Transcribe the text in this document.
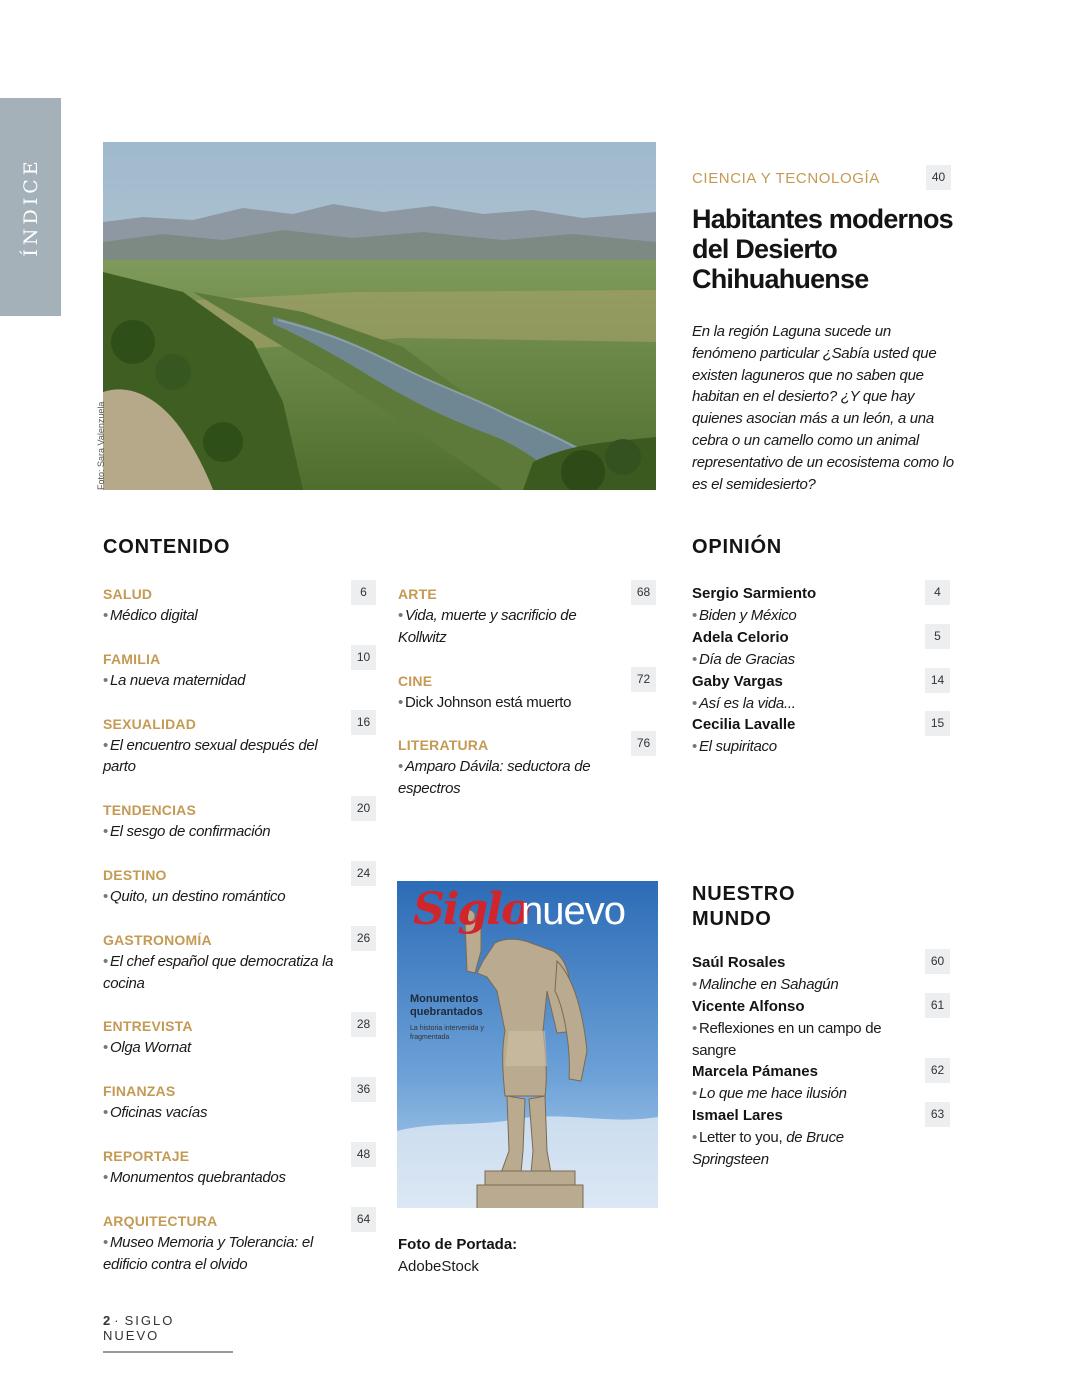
ÍNDICE
Foto: Sara Valenzuela
CIENCIA Y TECNOLOGÍA	40
Habitantes modernos del Desierto Chihuahuense
En la región Laguna sucede un fenómeno particular ¿Sabía usted que existen laguneros que no saben que habitan en el desierto? ¿Y que hay quienes asocian más a un león, a una cebra o un camello como un animal representativo de un ecosistema como lo es el semidesierto?
CONTENIDO
SALUD
• Médico digital
6
FAMILIA
• La nueva maternidad
10
SEXUALIDAD
• El encuentro sexual después del parto
16
TENDENCIAS
• El sesgo de confirmación
20
DESTINO
• Quito, un destino romántico
24
GASTRONOMÍA
• El chef español que democratiza la cocina
26
ENTREVISTA
• Olga Wornat
28
FINANZAS
• Oficinas vacías
36
REPORTAJE
• Monumentos quebrantados
48
ARQUITECTURA
• Museo Memoria y Tolerancia: el edificio contra el olvido
64
ARTE
• Vida, muerte y sacrificio de Kollwitz
68
CINE
• Dick Johnson está muerto
72
LITERATURA
• Amparo Dávila: seductora de espectros
76
OPINIÓN
Sergio Sarmiento
• Biden y México
4
Adela Celorio
• Día de Gracias
5
Gaby Vargas
• Así es la vida...
14
Cecilia Lavalle
• El supiritaco
15
Siglo
nuevo
Monumentos quebrantados
La historia intervenida y fragmentada
Foto de Portada:
AdobeStock
NUESTRO
MUNDO
Saúl Rosales
• Malinche en Sahagún
60
Vicente Alfonso
• Reflexiones en un campo de sangre
61
Marcela Pámanes
• Lo que me hace ilusión
62
Ismael Lares
• Letter to you, de Bruce Springsteen
63
2 · SIGLO NUEVO
